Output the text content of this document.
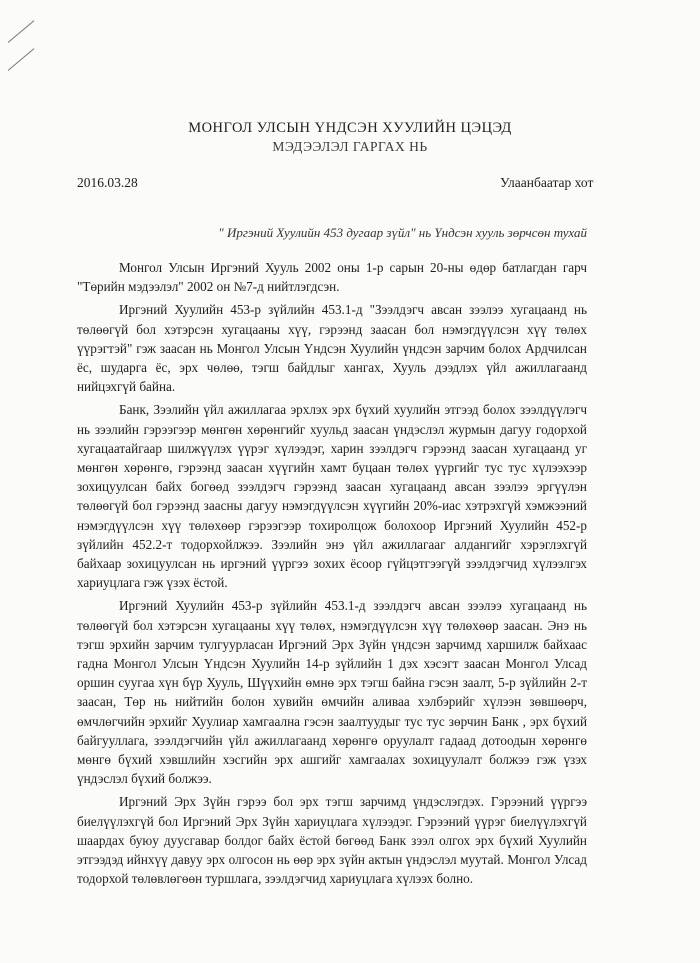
МОНГОЛ УЛСЫН ҮНДСЭН ХУУЛИЙН ЦЭЦЭД
МЭДЭЭЛЭЛ ГАРГАХ НЬ
2016.03.28	Улаанбаатар хот
" Иргэний Хуулийн 453 дугаар зүйл" нь Үндсэн хууль зөрчсөн тухай

Монгол Улсын Иргэний Хууль 2002 оны 1-р сарын 20-ны өдөр батлагдан гарч "Төрийн мэдээлэл" 2002 он №7-д нийтлэгдсэн.

Иргэний Хуулийн 453-р зүйлийн 453.1-д "Зээлдэгч авсан зээлээ хугацаанд нь төлөөгүй бол хэтэрсэн хугацааны хүү, гэрээнд заасан бол нэмэгдүүлсэн хүү төлөх үүрэгтэй" гэж заасан нь Монгол Улсын Үндсэн Хуулийн үндсэн зарчим болох Ардчилсан ёс, шударга ёс, эрх чөлөө, тэгш байдлыг хангах, Хууль дээдлэх үйл ажиллагаанд нийцэхгүй байна.

Банк, Зээлийн үйл ажиллагаа эрхлэх эрх бүхий хуулийн этгээд болох зээлдүүлэгч нь зээлийн гэрээгээр мөнгөн хөрөнгийг хуульд заасан үндэслэл журмын дагуу годорхой хугацаатайгаар шилжүүлэх үүрэг хүлээдэг, харин зээлдэгч гэрээнд заасан хугацаанд уг мөнгөн хөрөнгө, гэрээнд заасан хүүгийн хамт буцаан төлөх үүргийг тус тус хүлээхээр зохицуулсан байх богөөд зээлдэгч гэрээнд заасан хугацаанд авсан зээлээ эргүүлэн төлөөгүй бол гэрээнд заасны дагуу нэмэгдүүлсэн хүүгийн 20%-иас хэтрэхгүй хэмжээний нэмэгдүүлсэн хүү төлөхөөр гэрээгээр тохиролцож болохоор Иргэний Хуулийн 452-р зүйлийн 452.2-т тодорхойлжээ. Зээлийн энэ үйл ажиллагааг алдангийг хэрэглэхгүй байхаар зохицуулсан нь иргэний үүргээ зохих ёсоор гүйцэтгээгүй зээлдэгчид хүлээлгэх хариуцлага гэж үзэх ёстой.

Иргэний Хуулийн 453-р зүйлийн 453.1-д зээлдэгч авсан зээлээ хугацаанд нь төлөөгүй бол хэтэрсэн хугацааны хүү төлөх, нэмэгдүүлсэн хүү төлөхөөр заасан. Энэ нь тэгш эрхийн зарчим тулгуурласан Иргэний Эрх Зүйн үндсэн зарчимд харшилж байхаас гадна Монгол Улсын Үндсэн Хуулийн 14-р зүйлийн 1 дэх хэсэгт заасан Монгол Улсад оршин суугаа хүн бүр Хууль, Шүүхийн өмнө эрх тэгш байна гэсэн заалт, 5-р зүйлийн 2-т заасан, Төр нь нийтийн болон хувийн өмчийн аливаа хэлбэрийг хүлээн зөвшөөрч, өмчлөгчийн эрхийг Хуулиар хамгаална гэсэн заалтуудыг тус тус зөрчин Банк , эрх бүхий байгууллага, зээлдэгчийн үйл ажиллагаанд хөрөнгө оруулалт гадаад дотоодын хөрөнгө мөнгө бүхий хэвшлийн хэсгийн эрх ашгийг хамгаалах зохицуулалт болжээ гэж үзэх үндэслэл бүхий болжээ.

Иргэний Эрх Зүйн гэрээ бол эрх тэгш зарчимд үндэслэгдэх. Гэрээний үүргээ биелүүлэхгүй бол Иргэний Эрх Зүйн хариуцлага хүлээдэг. Гэрээний үүрэг биелүүлэхгүй шаардах буюу дуусгавар болдог байх ёстой бөгөөд Банк зээл олгох эрх бүхий Хуулийн этгээдэд ийнхүү давуу эрх олгосон нь өөр эрх зүйн актын үндэслэл муутай. Монгол Улсад тодорхой төлөвлөгөөн туршлага, зээлдэгчид хариуцлага хүлээх болно.
